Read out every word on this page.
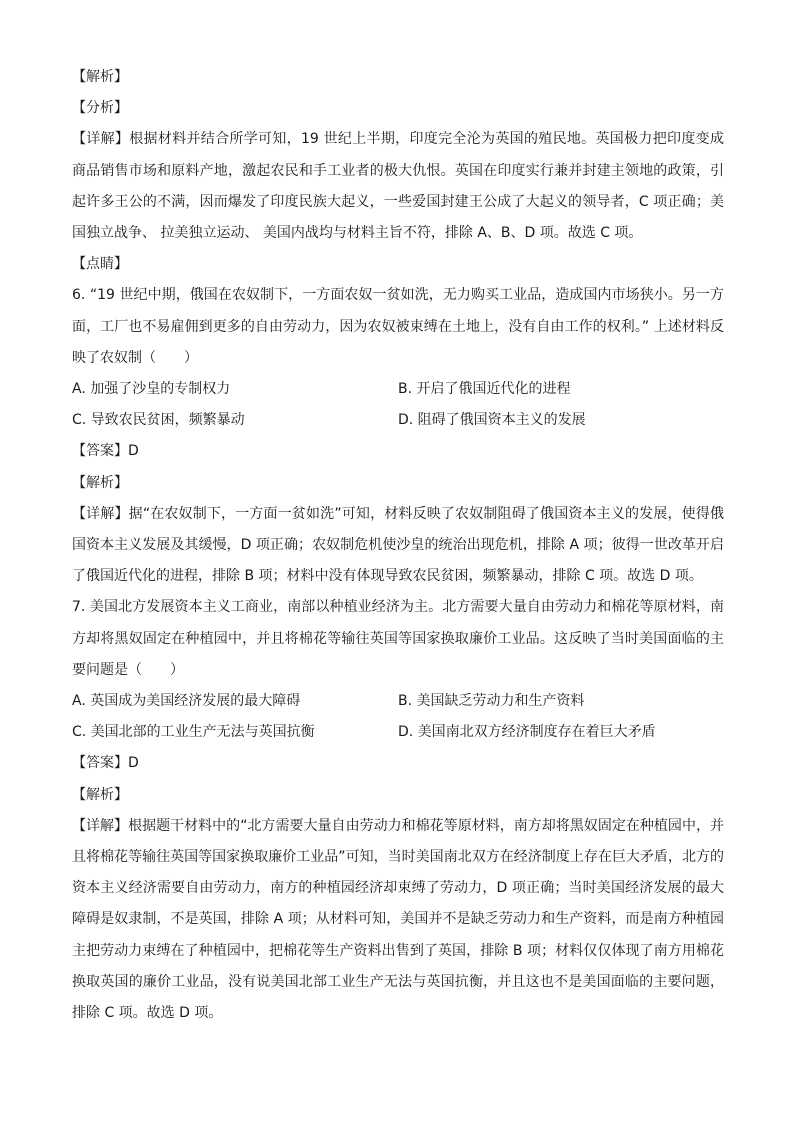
【解析】
【分析】
【详解】根据材料并结合所学可知，19 世纪上半期，印度完全沦为英国的殖民地。英国极力把印度变成商品销售市场和原料产地，激起农民和手工业者的极大仇恨。英国在印度实行兼并封建主领地的政策，引起许多王公的不满，因而爆发了印度民族大起义，一些爱国封建王公成了大起义的领导者，C 项正确；美国独立战争、 拉美独立运动、 美国内战均与材料主旨不符，排除 A、B、D 项。故选 C 项。
【点睛】
6. “19 世纪中期，俄国在农奴制下，一方面农奴一贫如洗，无力购买工业品，造成国内市场狭小。另一方面，工厂也不易雇佣到更多的自由劳动力，因为农奴被束缚在土地上，没有自由工作的权利。” 上述材料反映了农奴制（　　）
A. 加强了沙皇的专制权力	B. 开启了俄国近代化的进程
C. 导致农民贫困，频繁暴动	D. 阻碍了俄国资本主义的发展
【答案】D
【解析】
【详解】据“在农奴制下，一方面一贫如洗”可知，材料反映了农奴制阻碍了俄国资本主义的发展，使得俄国资本主义发展及其缓慢，D 项正确；农奴制危机使沙皇的统治出现危机，排除 A 项；彼得一世改革开启了俄国近代化的进程，排除 B 项；材料中没有体现导致农民贫困，频繁暴动，排除 C 项。故选 D 项。
7. 美国北方发展资本主义工商业，南部以种植业经济为主。北方需要大量自由劳动力和棉花等原材料，南方却将黑奴固定在种植园中，并且将棉花等输往英国等国家换取廉价工业品。这反映了当时美国面临的主要问题是（　　）
A. 英国成为美国经济发展的最大障碍	B. 美国缺乏劳动力和生产资料
C. 美国北部的工业生产无法与英国抗衡	D. 美国南北双方经济制度存在着巨大矛盾
【答案】D
【解析】
【详解】根据题干材料中的“北方需要大量自由劳动力和棉花等原材料，南方却将黑奴固定在种植园中，并且将棉花等输往英国等国家换取廉价工业品”可知，当时美国南北双方在经济制度上存在巨大矛盾，北方的资本主义经济需要自由劳动力，南方的种植园经济却束缚了劳动力，D 项正确；当时美国经济发展的最大障碍是奴隶制，不是英国，排除 A 项；从材料可知，美国并不是缺乏劳动力和生产资料，而是南方种植园主把劳动力束缚在了种植园中，把棉花等生产资料出售到了英国，排除 B 项；材料仅仅体现了南方用棉花换取英国的廉价工业品，没有说美国北部工业生产无法与英国抗衡，并且这也不是美国面临的主要问题，排除 C 项。故选 D 项。
